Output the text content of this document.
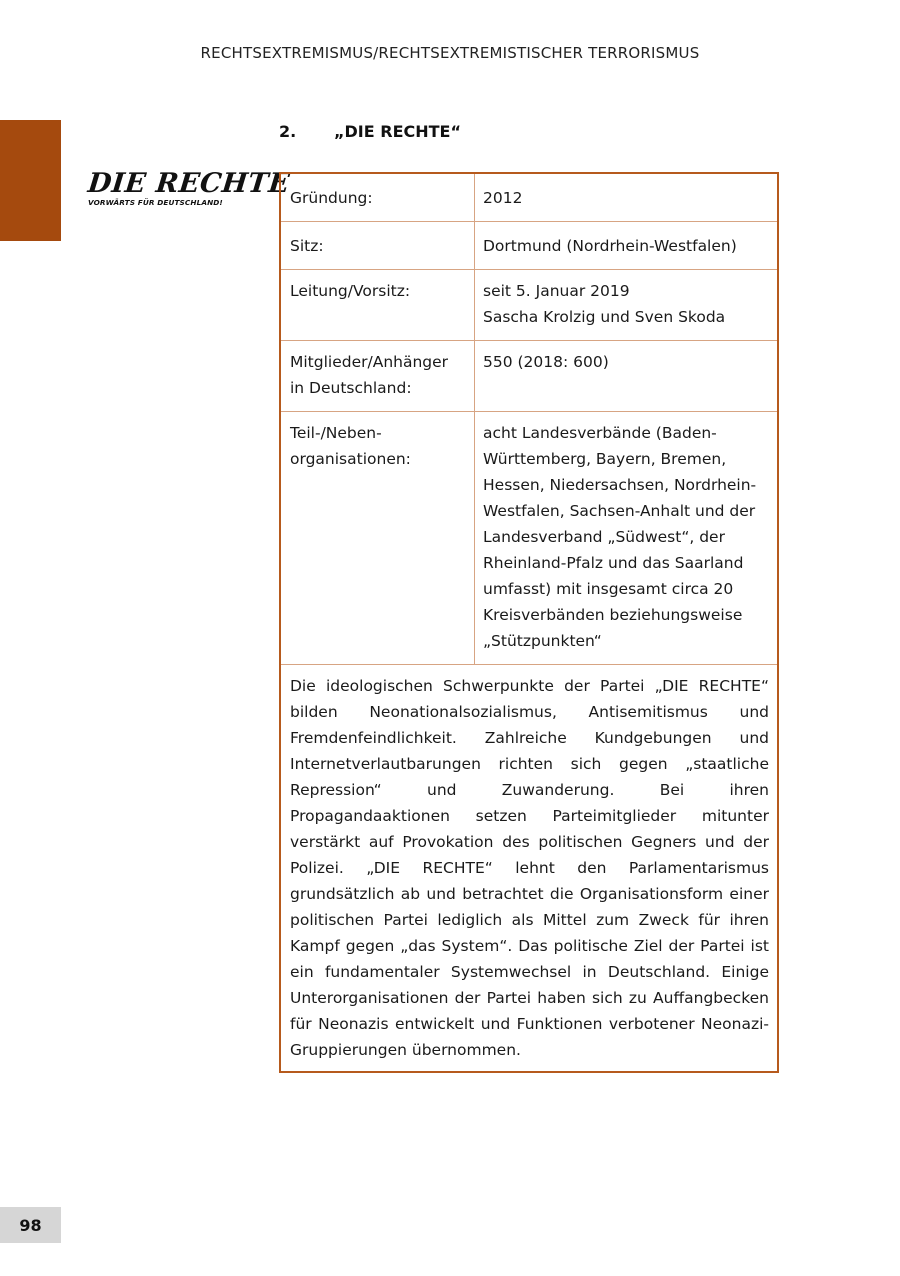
RECHTSEXTREMISMUS/RECHTSEXTREMISTISCHER TERRORISMUS
DIE RECHTE
VORWÄRTS FÜR DEUTSCHLAND!
2. „DIE RECHTE“
Gründung:	2012
Sitz:	Dortmund (Nordrhein-Westfalen)
Leitung/Vorsitz:	seit 5. Januar 2019
Sascha Krolzig und Sven Skoda
Mitglieder/Anhänger
in Deutschland:
550 (2018: 600)
Teil-/Neben-
organisationen:
acht Landesverbände (Baden-Württemberg, Bayern, Bremen, Hessen, Niedersachsen, Nordrhein-Westfalen, Sachsen-Anhalt und der Landesverband „Südwest“, der Rheinland-Pfalz und das Saarland umfasst) mit insgesamt circa 20 Kreisverbänden beziehungsweise „Stützpunkten“
Die ideologischen Schwerpunkte der Partei „DIE RECHTE“ bilden Neonationalsozialismus, Antisemitismus und Fremdenfeindlichkeit. Zahlreiche Kundgebungen und Internetverlautbarungen richten sich gegen „staatliche Repression“ und Zuwanderung. Bei ihren Propagandaaktionen setzen Parteimitglieder mitunter verstärkt auf Provokation des politischen Gegners und der Polizei. „DIE RECHTE“ lehnt den Parlamentarismus grundsätzlich ab und betrachtet die Organisationsform einer politischen Partei lediglich als Mittel zum Zweck für ihren Kampf gegen „das System“. Das politische Ziel der Partei ist ein fundamentaler Systemwechsel in Deutschland. Einige Unterorganisationen der Partei haben sich zu Auffangbecken für Neonazis entwickelt und Funktionen verbotener Neonazi-Gruppierungen übernommen.
98
